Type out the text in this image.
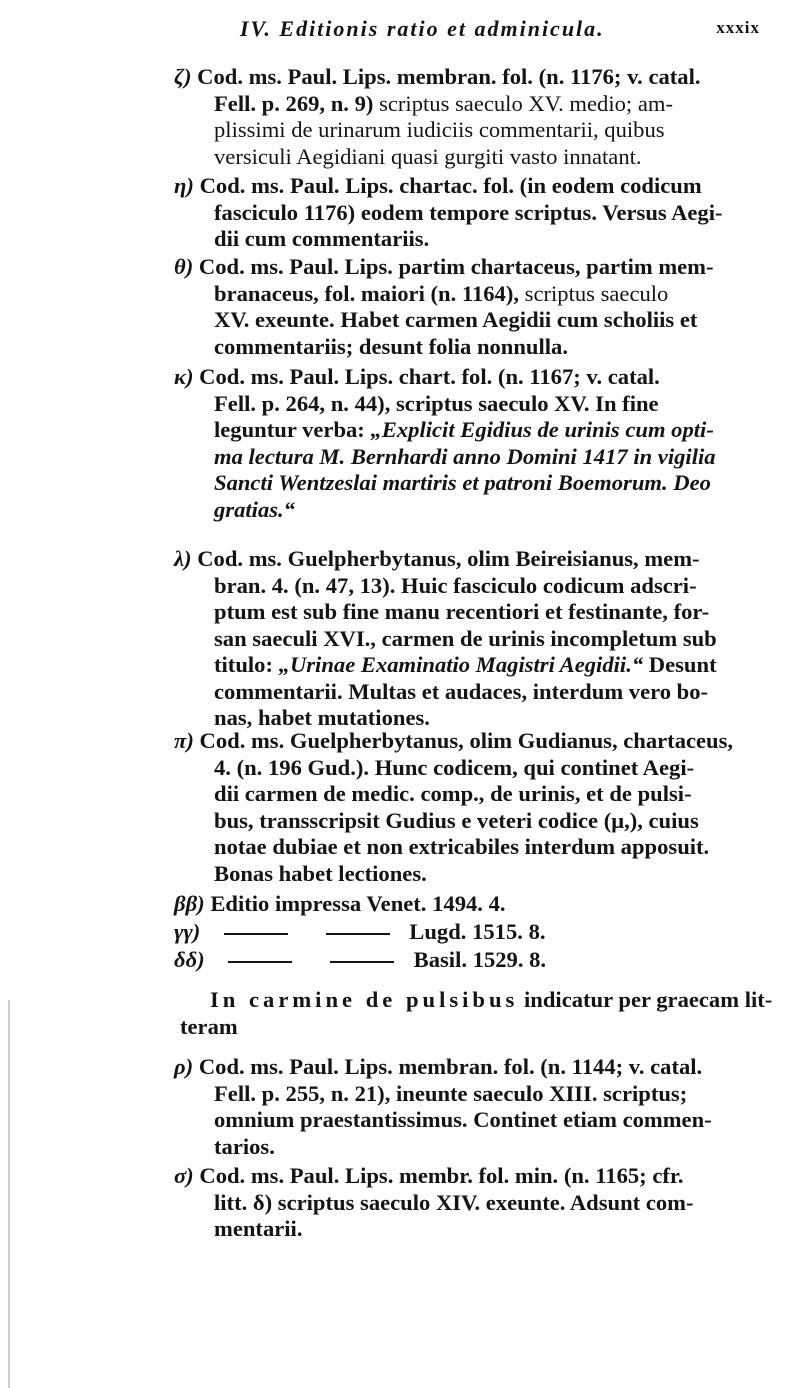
IV. Editionis ratio et adminicula.	xxxix
ζ) Cod. ms. Paul. Lips. membran. fol. (n. 1176; v. catal.
Fell. p. 269, n. 9) scriptus saeculo XV. medio; am-
plissimi de urinarum iudiciis commentarii, quibus
versiculi Aegidiani quasi gurgiti vasto innatant.
η) Cod. ms. Paul. Lips. chartac. fol. (in eodem codicum
fasciculo 1176) eodem tempore scriptus. Versus Aegi-
dii cum commentariis.
θ) Cod. ms. Paul. Lips. partim chartaceus, partim mem-
branaceus, fol. maiori (n. 1164), scriptus saeculo
XV. exeunte. Habet carmen Aegidii cum scholiis et
commentariis; desunt folia nonnulla.
κ) Cod. ms. Paul. Lips. chart. fol. (n. 1167; v. catal.
Fell. p. 264, n. 44), scriptus saeculo XV. In fine
leguntur verba: „Explicit Egidius de urinis cum opti-
ma lectura M. Bernhardi anno Domini 1417 in vigilia
Sancti Wentzeslai martiris et patroni Boemorum. Deo
gratias.“
λ) Cod. ms. Guelpherbytanus, olim Beireisianus, mem-
bran. 4. (n. 47, 13). Huic fasciculo codicum adscri-
ptum est sub fine manu recentiori et festinante, for-
san saeculi XVI., carmen de urinis incompletum sub
titulo: „Urinae Examinatio Magistri Aegidii.“ Desunt
commentarii. Multas et audaces, interdum vero bo-
nas, habet mutationes.
π) Cod. ms. Guelpherbytanus, olim Gudianus, chartaceus,
4. (n. 196 Gud.). Hunc codicem, qui continet Aegi-
dii carmen de medic. comp., de urinis, et de pulsi-
bus, transscripsit Gudius e veteri codice (μ,), cuius
notae dubiae et non extricabiles interdum apposuit.
Bonas habet lectiones.
ββ) Editio impressa Venet. 1494. 4.
γγ)	Lugd. 1515. 8.
δδ)	Basil. 1529. 8.
In carmine de pulsibus indicatur per graecam lit-
teram
ρ) Cod. ms. Paul. Lips. membran. fol. (n. 1144; v. catal.
Fell. p. 255, n. 21), ineunte saeculo XIII. scriptus;
omnium praestantissimus. Continet etiam commen-
tarios.
σ) Cod. ms. Paul. Lips. membr. fol. min. (n. 1165; cfr.
litt. δ) scriptus saeculo XIV. exeunte. Adsunt com-
mentarii.
